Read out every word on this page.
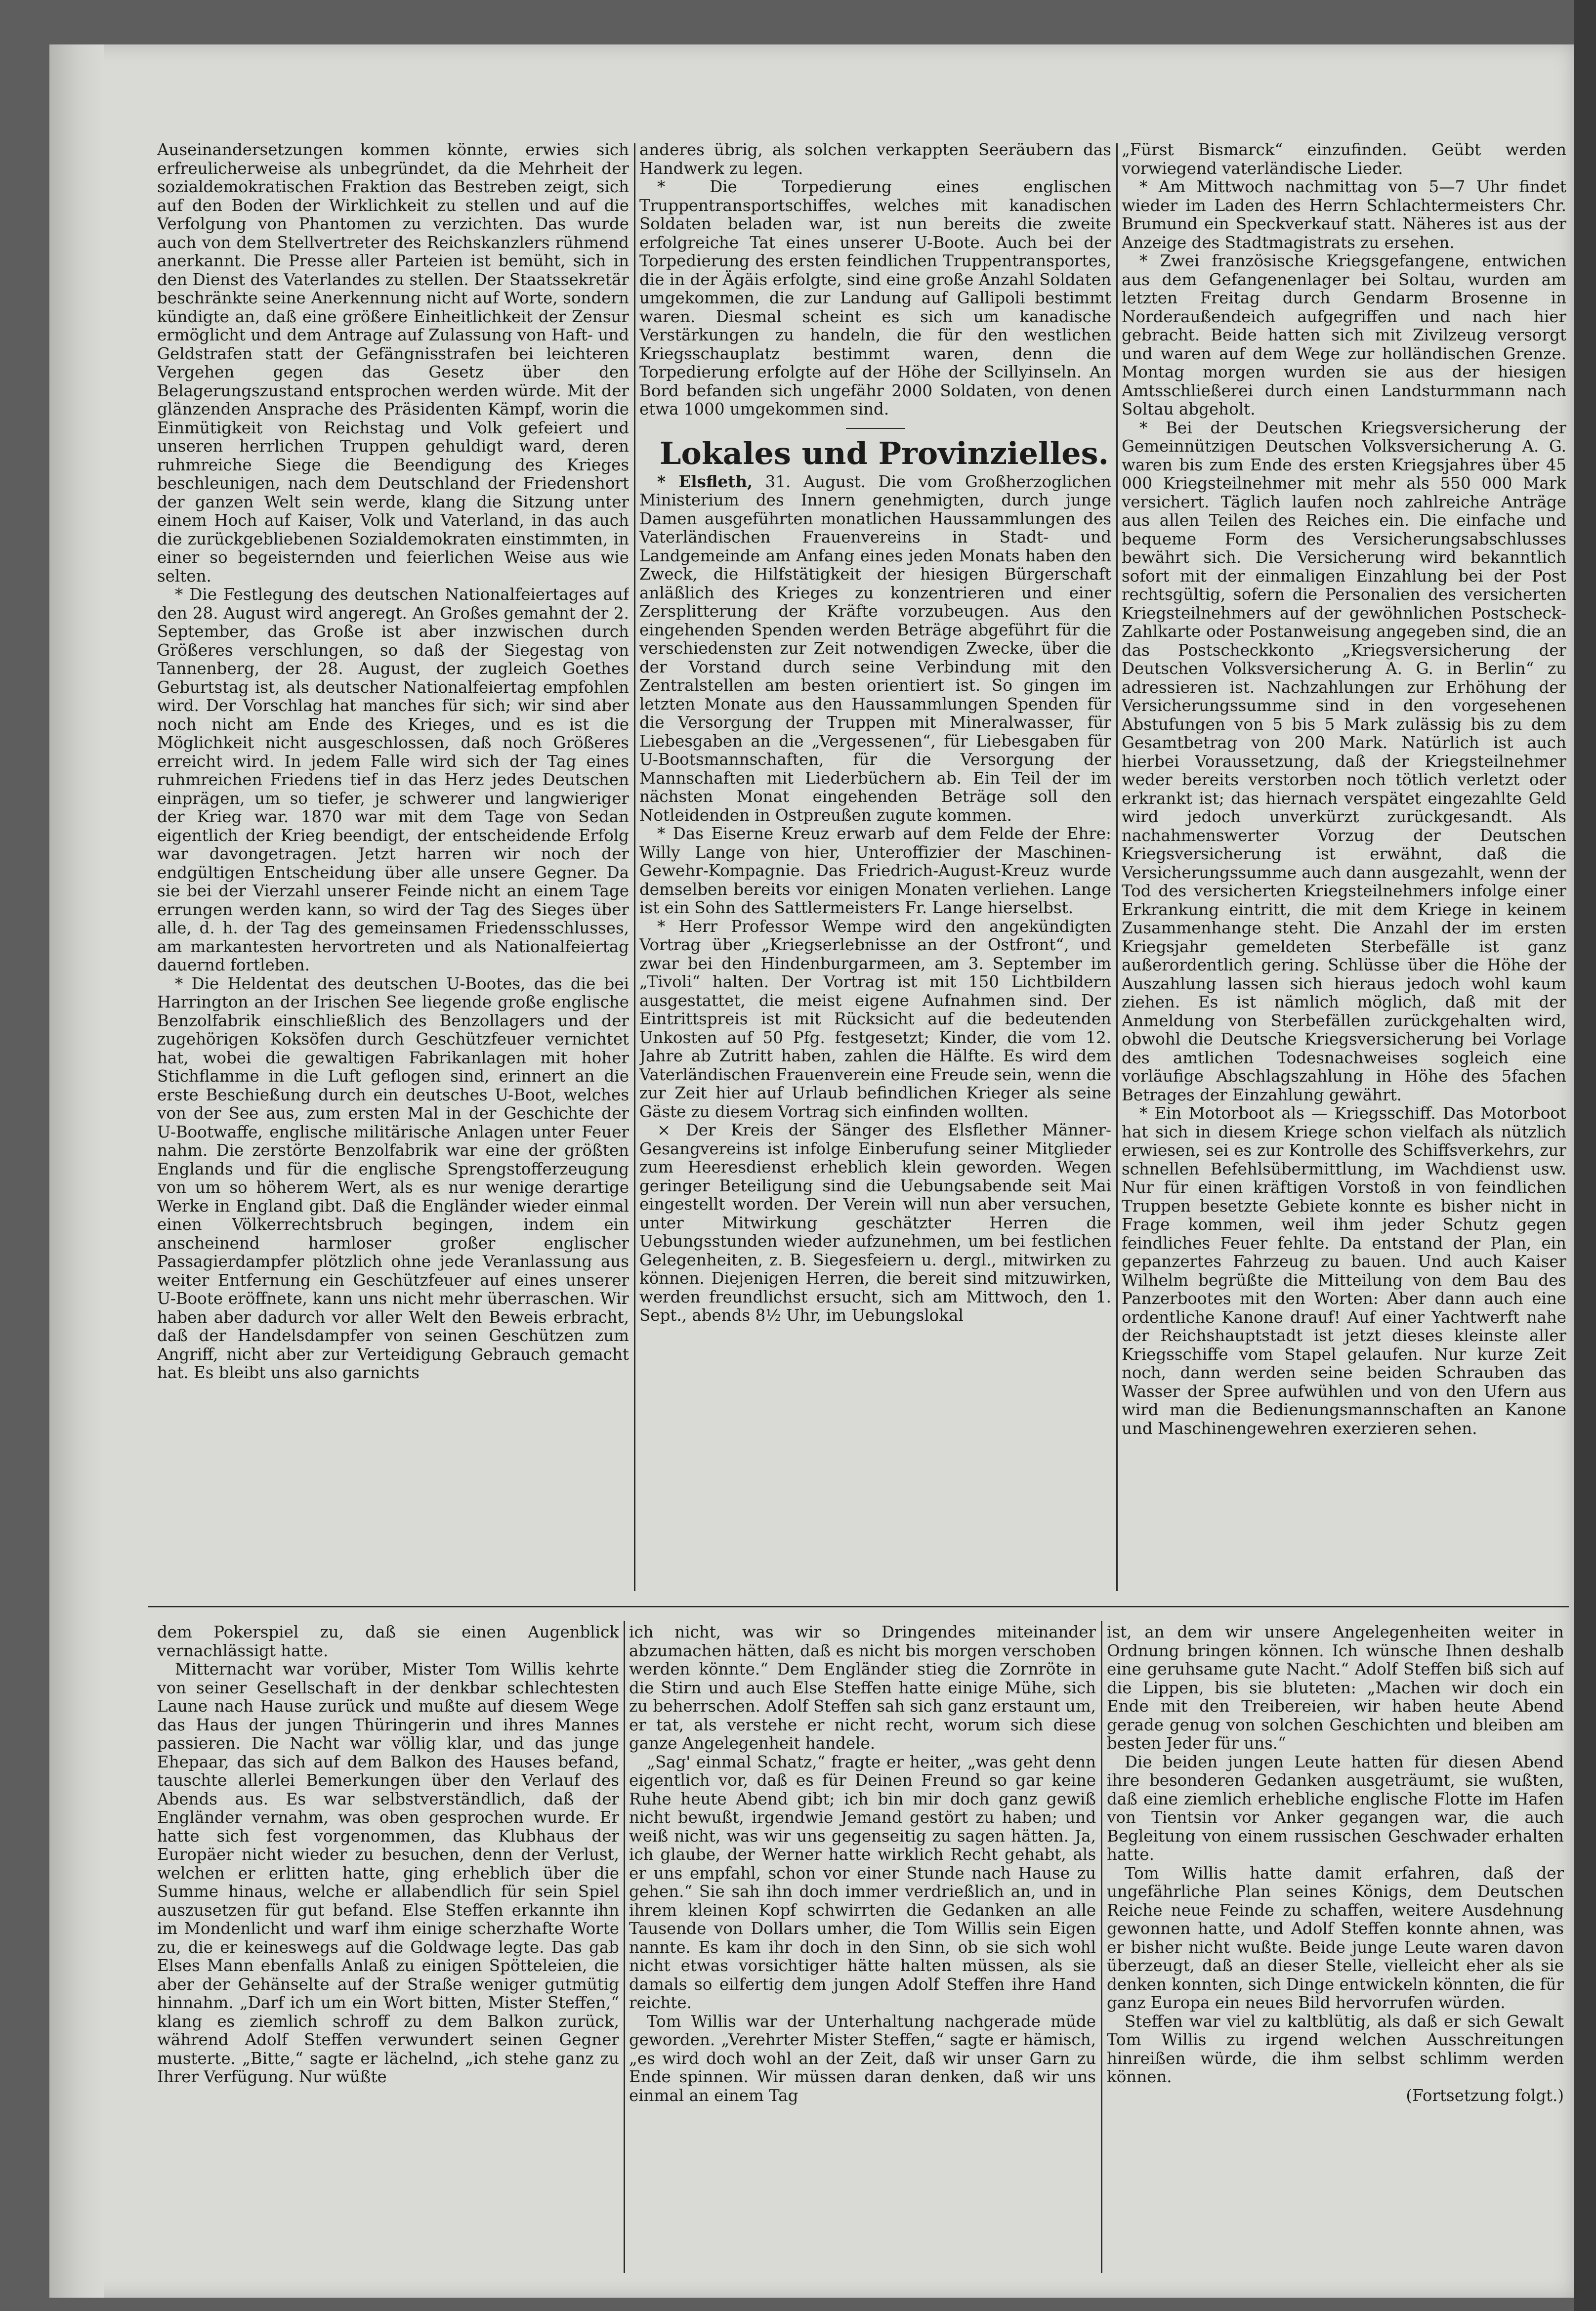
Auseinandersetzungen kommen könnte, erwies sich erfreulicherweise als unbegründet, da die Mehrheit der sozialdemokratischen Fraktion das Bestreben zeigt, sich auf den Boden der Wirklichkeit zu stellen und auf die Verfolgung von Phantomen zu verzichten. Das wurde auch von dem Stellvertreter des Reichskanzlers rühmend anerkannt. Die Presse aller Parteien ist bemüht, sich in den Dienst des Vaterlandes zu stellen. Der Staatssekretär beschränkte seine Anerkennung nicht auf Worte, sondern kündigte an, daß eine größere Einheitlichkeit der Zensur ermöglicht und dem Antrage auf Zulassung von Haft- und Geldstrafen statt der Gefängnisstrafen bei leichteren Vergehen gegen das Gesetz über den Belagerungszustand entsprochen werden würde. Mit der glänzenden Ansprache des Präsidenten Kämpf, worin die Einmütigkeit von Reichstag und Volk gefeiert und unseren herrlichen Truppen gehuldigt ward, deren ruhmreiche Siege die Beendigung des Krieges beschleunigen, nach dem Deutschland der Friedenshort der ganzen Welt sein werde, klang die Sitzung unter einem Hoch auf Kaiser, Volk und Vaterland, in das auch die zurückgebliebenen Sozialdemokraten einstimmten, in einer so begeisternden und feierlichen Weise aus wie selten.

* Die Festlegung des deutschen Nationalfeiertages auf den 28. August wird angeregt. An Großes gemahnt der 2. September, das Große ist aber inzwischen durch Größeres verschlungen, so daß der Siegestag von Tannenberg, der 28. August, der zugleich Goethes Geburtstag ist, als deutscher Nationalfeiertag empfohlen wird. Der Vorschlag hat manches für sich; wir sind aber noch nicht am Ende des Krieges, und es ist die Möglichkeit nicht ausgeschlossen, daß noch Größeres erreicht wird. In jedem Falle wird sich der Tag eines ruhmreichen Friedens tief in das Herz jedes Deutschen einprägen, um so tiefer, je schwerer und langwieriger der Krieg war. 1870 war mit dem Tage von Sedan eigentlich der Krieg beendigt, der entscheidende Erfolg war davongetragen. Jetzt harren wir noch der endgültigen Entscheidung über alle unsere Gegner. Da sie bei der Vierzahl unserer Feinde nicht an einem Tage errungen werden kann, so wird der Tag des Sieges über alle, d. h. der Tag des gemeinsamen Friedensschlusses, am markantesten hervortreten und als Nationalfeiertag dauernd fortleben.

* Die Heldentat des deutschen U-Bootes, das die bei Harrington an der Irischen See liegende große englische Benzolfabrik einschließlich des Benzollagers und der zugehörigen Koksöfen durch Geschützfeuer vernichtet hat, wobei die gewaltigen Fabrikanlagen mit hoher Stichflamme in die Luft geflogen sind, erinnert an die erste Beschießung durch ein deutsches U-Boot, welches von der See aus, zum ersten Mal in der Geschichte der U-Bootwaffe, englische militärische Anlagen unter Feuer nahm. Die zerstörte Benzolfabrik war eine der größten Englands und für die englische Sprengstofferzeugung von um so höherem Wert, als es nur wenige derartige Werke in England gibt. Daß die Engländer wieder einmal einen Völkerrechtsbruch begingen, indem ein anscheinend harmloser großer englischer Passagierdampfer plötzlich ohne jede Veranlassung aus weiter Entfernung ein Geschützfeuer auf eines unserer U-Boote eröffnete, kann uns nicht mehr überraschen. Wir haben aber dadurch vor aller Welt den Beweis erbracht, daß der Handelsdampfer von seinen Geschützen zum Angriff, nicht aber zur Verteidigung Gebrauch gemacht hat. Es bleibt uns also garnichts

anderes übrig, als solchen verkappten Seeräubern das Handwerk zu legen.

* Die Torpedierung eines englischen Truppentransportschiffes, welches mit kanadischen Soldaten beladen war, ist nun bereits die zweite erfolgreiche Tat eines unserer U-Boote. Auch bei der Torpedierung des ersten feindlichen Truppentransportes, die in der Ägäis erfolgte, sind eine große Anzahl Soldaten umgekommen, die zur Landung auf Gallipoli bestimmt waren. Diesmal scheint es sich um kanadische Verstärkungen zu handeln, die für den westlichen Kriegsschauplatz bestimmt waren, denn die Torpedierung erfolgte auf der Höhe der Scillyinseln. An Bord befanden sich ungefähr 2000 Soldaten, von denen etwa 1000 umgekommen sind.

Lokales und Provinzielles.

* Elsfleth, 31. August. Die vom Großherzoglichen Ministerium des Innern genehmigten, durch junge Damen ausgeführten monatlichen Haussammlungen des Vaterländischen Frauenvereins in Stadt- und Landgemeinde am Anfang eines jeden Monats haben den Zweck, die Hilfstätigkeit der hiesigen Bürgerschaft anläßlich des Krieges zu konzentrieren und einer Zersplitterung der Kräfte vorzubeugen. Aus den eingehenden Spenden werden Beträge abgeführt für die verschiedensten zur Zeit notwendigen Zwecke, über die der Vorstand durch seine Verbindung mit den Zentralstellen am besten orientiert ist. So gingen im letzten Monate aus den Haussammlungen Spenden für die Versorgung der Truppen mit Mineralwasser, für Liebesgaben an die „Vergessenen“, für Liebesgaben für U-Bootsmannschaften, für die Versorgung der Mannschaften mit Liederbüchern ab. Ein Teil der im nächsten Monat eingehenden Beträge soll den Notleidenden in Ostpreußen zugute kommen.

* Das Eiserne Kreuz erwarb auf dem Felde der Ehre: Willy Lange von hier, Unteroffizier der Maschinen-Gewehr-Kompagnie. Das Friedrich-August-Kreuz wurde demselben bereits vor einigen Monaten verliehen. Lange ist ein Sohn des Sattlermeisters Fr. Lange hierselbst.

* Herr Professor Wempe wird den angekündigten Vortrag über „Kriegserlebnisse an der Ostfront“, und zwar bei den Hindenburgarmeen, am 3. September im „Tivoli“ halten. Der Vortrag ist mit 150 Lichtbildern ausgestattet, die meist eigene Aufnahmen sind. Der Eintrittspreis ist mit Rücksicht auf die bedeutenden Unkosten auf 50 Pfg. festgesetzt; Kinder, die vom 12. Jahre ab Zutritt haben, zahlen die Hälfte. Es wird dem Vaterländischen Frauenverein eine Freude sein, wenn die zur Zeit hier auf Urlaub befindlichen Krieger als seine Gäste zu diesem Vortrag sich einfinden wollten.

× Der Kreis der Sänger des Elsflether Männer-Gesangvereins ist infolge Einberufung seiner Mitglieder zum Heeresdienst erheblich klein geworden. Wegen geringer Beteiligung sind die Uebungsabende seit Mai eingestellt worden. Der Verein will nun aber versuchen, unter Mitwirkung geschätzter Herren die Uebungsstunden wieder aufzunehmen, um bei festlichen Gelegenheiten, z. B. Siegesfeiern u. dergl., mitwirken zu können. Diejenigen Herren, die bereit sind mitzuwirken, werden freundlichst ersucht, sich am Mittwoch, den 1. Sept., abends 8½ Uhr, im Uebungslokal

„Fürst Bismarck“ einzufinden. Geübt werden vorwiegend vaterländische Lieder.

* Am Mittwoch nachmittag von 5—7 Uhr findet wieder im Laden des Herrn Schlachtermeisters Chr. Brumund ein Speckverkauf statt. Näheres ist aus der Anzeige des Stadtmagistrats zu ersehen.

* Zwei französische Kriegsgefangene, entwichen aus dem Gefangenenlager bei Soltau, wurden am letzten Freitag durch Gendarm Brosenne in Norderaußendeich aufgegriffen und nach hier gebracht. Beide hatten sich mit Zivilzeug versorgt und waren auf dem Wege zur holländischen Grenze. Montag morgen wurden sie aus der hiesigen Amtsschließerei durch einen Landsturmmann nach Soltau abgeholt.

* Bei der Deutschen Kriegsversicherung der Gemeinnützigen Deutschen Volksversicherung A. G. waren bis zum Ende des ersten Kriegsjahres über 45 000 Kriegsteilnehmer mit mehr als 550 000 Mark versichert. Täglich laufen noch zahlreiche Anträge aus allen Teilen des Reiches ein. Die einfache und bequeme Form des Versicherungsabschlusses bewährt sich. Die Versicherung wird bekanntlich sofort mit der einmaligen Einzahlung bei der Post rechtsgültig, sofern die Personalien des versicherten Kriegsteilnehmers auf der gewöhnlichen Postscheck-Zahlkarte oder Postanweisung angegeben sind, die an das Postscheckkonto „Kriegsversicherung der Deutschen Volksversicherung A. G. in Berlin“ zu adressieren ist. Nachzahlungen zur Erhöhung der Versicherungssumme sind in den vorgesehenen Abstufungen von 5 bis 5 Mark zulässig bis zu dem Gesamtbetrag von 200 Mark. Natürlich ist auch hierbei Voraussetzung, daß der Kriegsteilnehmer weder bereits verstorben noch tötlich verletzt oder erkrankt ist; das hiernach verspätet eingezahlte Geld wird jedoch unverkürzt zurückgesandt. Als nachahmenswerter Vorzug der Deutschen Kriegsversicherung ist erwähnt, daß die Versicherungssumme auch dann ausgezahlt, wenn der Tod des versicherten Kriegsteilnehmers infolge einer Erkrankung eintritt, die mit dem Kriege in keinem Zusammenhange steht. Die Anzahl der im ersten Kriegsjahr gemeldeten Sterbefälle ist ganz außerordentlich gering. Schlüsse über die Höhe der Auszahlung lassen sich hieraus jedoch wohl kaum ziehen. Es ist nämlich möglich, daß mit der Anmeldung von Sterbefällen zurückgehalten wird, obwohl die Deutsche Kriegsversicherung bei Vorlage des amtlichen Todesnachweises sogleich eine vorläufige Abschlagszahlung in Höhe des 5fachen Betrages der Einzahlung gewährt.

* Ein Motorboot als — Kriegsschiff. Das Motorboot hat sich in diesem Kriege schon vielfach als nützlich erwiesen, sei es zur Kontrolle des Schiffsverkehrs, zur schnellen Befehlsübermittlung, im Wachdienst usw. Nur für einen kräftigen Vorstoß in von feindlichen Truppen besetzte Gebiete konnte es bisher nicht in Frage kommen, weil ihm jeder Schutz gegen feindliches Feuer fehlte. Da entstand der Plan, ein gepanzertes Fahrzeug zu bauen. Und auch Kaiser Wilhelm begrüßte die Mitteilung von dem Bau des Panzerbootes mit den Worten: Aber dann auch eine ordentliche Kanone drauf! Auf einer Yachtwerft nahe der Reichshauptstadt ist jetzt dieses kleinste aller Kriegsschiffe vom Stapel gelaufen. Nur kurze Zeit noch, dann werden seine beiden Schrauben das Wasser der Spree aufwühlen und von den Ufern aus wird man die Bedienungsmannschaften an Kanone und Maschinengewehren exerzieren sehen.

dem Pokerspiel zu, daß sie einen Augenblick vernachlässigt hatte.

Mitternacht war vorüber, Mister Tom Willis kehrte von seiner Gesellschaft in der denkbar schlechtesten Laune nach Hause zurück und mußte auf diesem Wege das Haus der jungen Thüringerin und ihres Mannes passieren. Die Nacht war völlig klar, und das junge Ehepaar, das sich auf dem Balkon des Hauses befand, tauschte allerlei Bemerkungen über den Verlauf des Abends aus. Es war selbstverständlich, daß der Engländer vernahm, was oben gesprochen wurde. Er hatte sich fest vorgenommen, das Klubhaus der Europäer nicht wieder zu besuchen, denn der Verlust, welchen er erlitten hatte, ging erheblich über die Summe hinaus, welche er allabendlich für sein Spiel auszusetzen für gut befand. Else Steffen erkannte ihn im Mondenlicht und warf ihm einige scherzhafte Worte zu, die er keineswegs auf die Goldwage legte. Das gab Elses Mann ebenfalls Anlaß zu einigen Spötteleien, die aber der Gehänselte auf der Straße weniger gutmütig hinnahm. „Darf ich um ein Wort bitten, Mister Steffen,“ klang es ziemlich schroff zu dem Balkon zurück, während Adolf Steffen verwundert seinen Gegner musterte. „Bitte,“ sagte er lächelnd, „ich stehe ganz zu Ihrer Verfügung. Nur wüßte

ich nicht, was wir so Dringendes miteinander abzumachen hätten, daß es nicht bis morgen verschoben werden könnte.“ Dem Engländer stieg die Zornröte in die Stirn und auch Else Steffen hatte einige Mühe, sich zu beherrschen. Adolf Steffen sah sich ganz erstaunt um, er tat, als verstehe er nicht recht, worum sich diese ganze Angelegenheit handele.

„Sag' einmal Schatz,“ fragte er heiter, „was geht denn eigentlich vor, daß es für Deinen Freund so gar keine Ruhe heute Abend gibt; ich bin mir doch ganz gewiß nicht bewußt, irgendwie Jemand gestört zu haben; und weiß nicht, was wir uns gegenseitig zu sagen hätten. Ja, ich glaube, der Werner hatte wirklich Recht gehabt, als er uns empfahl, schon vor einer Stunde nach Hause zu gehen.“ Sie sah ihn doch immer verdrießlich an, und in ihrem kleinen Kopf schwirrten die Gedanken an alle Tausende von Dollars umher, die Tom Willis sein Eigen nannte. Es kam ihr doch in den Sinn, ob sie sich wohl nicht etwas vorsichtiger hätte halten müssen, als sie damals so eilfertig dem jungen Adolf Steffen ihre Hand reichte.

Tom Willis war der Unterhaltung nachgerade müde geworden. „Verehrter Mister Steffen,“ sagte er hämisch, „es wird doch wohl an der Zeit, daß wir unser Garn zu Ende spinnen. Wir müssen daran denken, daß wir uns einmal an einem Tag

ist, an dem wir unsere Angelegenheiten weiter in Ordnung bringen können. Ich wünsche Ihnen deshalb eine geruhsame gute Nacht.“ Adolf Steffen biß sich auf die Lippen, bis sie bluteten: „Machen wir doch ein Ende mit den Treibereien, wir haben heute Abend gerade genug von solchen Geschichten und bleiben am besten Jeder für uns.“

Die beiden jungen Leute hatten für diesen Abend ihre besonderen Gedanken ausgeträumt, sie wußten, daß eine ziemlich erhebliche englische Flotte im Hafen von Tientsin vor Anker gegangen war, die auch Begleitung von einem russischen Geschwader erhalten hatte.

Tom Willis hatte damit erfahren, daß der ungefährliche Plan seines Königs, dem Deutschen Reiche neue Feinde zu schaffen, weitere Ausdehnung gewonnen hatte, und Adolf Steffen konnte ahnen, was er bisher nicht wußte. Beide junge Leute waren davon überzeugt, daß an dieser Stelle, vielleicht eher als sie denken konnten, sich Dinge entwickeln könnten, die für ganz Europa ein neues Bild hervorrufen würden.

Steffen war viel zu kaltblütig, als daß er sich Gewalt Tom Willis zu irgend welchen Ausschreitungen hinreißen würde, die ihm selbst schlimm werden können.

(Fortsetzung folgt.)
